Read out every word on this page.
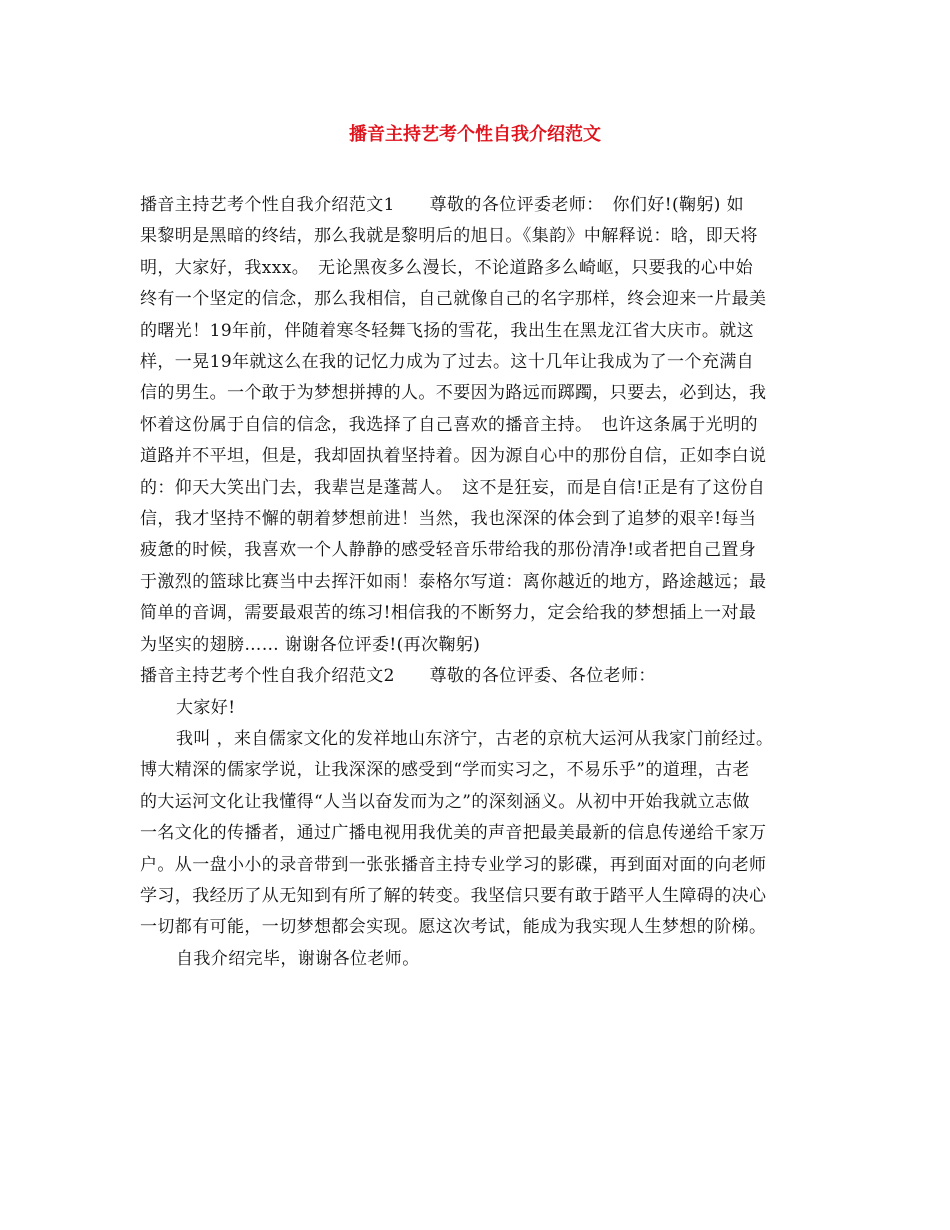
播音主持艺考个性自我介绍范文

播音主持艺考个性自我介绍范文1　　尊敬的各位评委老师：　你们好!(鞠躬) 如

果黎明是黑暗的终结，那么我就是黎明后的旭日。《集韵》中解释说：晗，即天将

明，大家好，我xxx。　无论黑夜多么漫长，不论道路多么崎岖，只要我的心中始

终有一个坚定的信念，那么我相信，自己就像自己的名字那样，终会迎来一片最美

的曙光！19年前，伴随着寒冬轻舞飞扬的雪花，我出生在黑龙江省大庆市。就这

样，一晃19年就这么在我的记忆力成为了过去。这十几年让我成为了一个充满自

信的男生。一个敢于为梦想拼搏的人。不要因为路远而踯躅，只要去，必到达，我

怀着这份属于自信的信念，我选择了自己喜欢的播音主持。　也许这条属于光明的

道路并不平坦，但是，我却固执着坚持着。因为源自心中的那份自信，正如李白说

的：仰天大笑出门去，我辈岂是蓬蒿人。　这不是狂妄，而是自信!正是有了这份自

信，我才坚持不懈的朝着梦想前进！当然，我也深深的体会到了追梦的艰辛!每当

疲惫的时候，我喜欢一个人静静的感受轻音乐带给我的那份清净!或者把自己置身

于激烈的篮球比赛当中去挥汗如雨！泰格尔写道：离你越近的地方，路途越远；最

简单的音调，需要最艰苦的练习!相信我的不断努力，定会给我的梦想插上一对最

为坚实的翅膀…… 谢谢各位评委!(再次鞠躬)

播音主持艺考个性自我介绍范文2　　尊敬的各位评委、各位老师：

大家好!

我叫 ，来自儒家文化的发祥地山东济宁，古老的京杭大运河从我家门前经过。

博大精深的儒家学说，让我深深的感受到“学而实习之，不易乐乎”的道理，古老

的大运河文化让我懂得“人当以奋发而为之”的深刻涵义。从初中开始我就立志做

一名文化的传播者，通过广播电视用我优美的声音把最美最新的信息传递给千家万

户。从一盘小小的录音带到一张张播音主持专业学习的影碟，再到面对面的向老师

学习，我经历了从无知到有所了解的转变。我坚信只要有敢于踏平人生障碍的决心

一切都有可能，一切梦想都会实现。愿这次考试，能成为我实现人生梦想的阶梯。

自我介绍完毕，谢谢各位老师。
